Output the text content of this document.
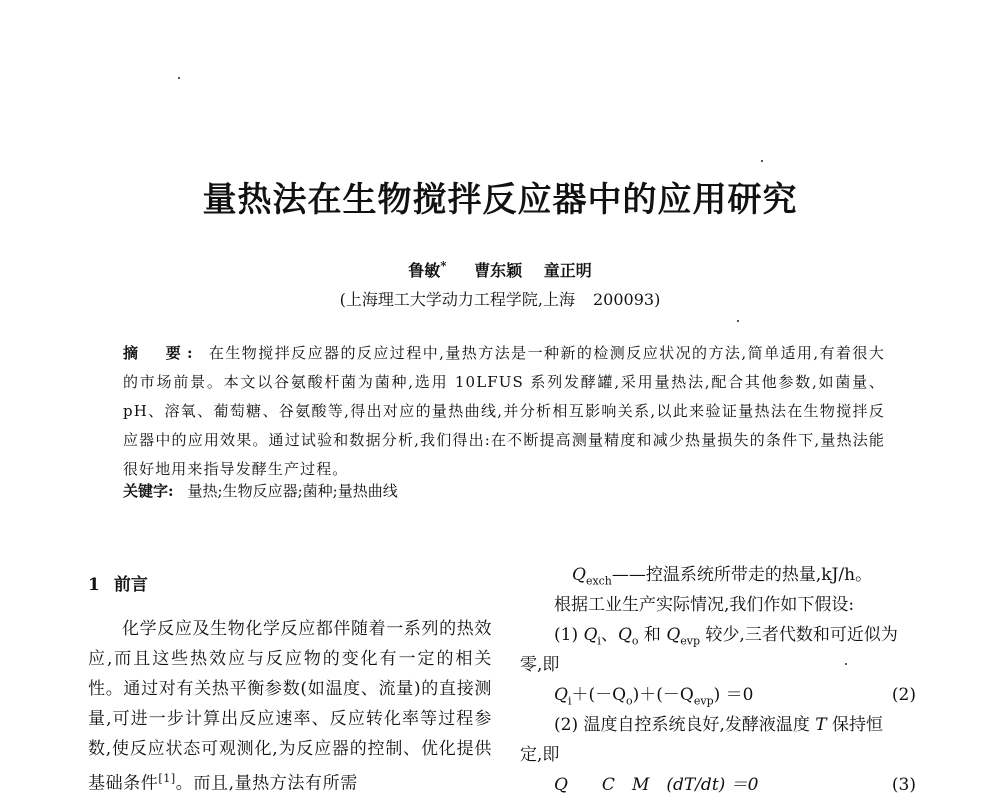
量热法在生物搅拌反应器中的应用研究
鲁敏* 曹东颖 童正明
(上海理工大学动力工程学院,上海 200093)
摘　要: 在生物搅拌反应器的反应过程中,量热方法是一种新的检测反应状况的方法,简单适用,有着很大的市场前景。本文以谷氨酸杆菌为菌种,选用 10LFUS 系列发酵罐,采用量热法,配合其他参数,如菌量、pH、溶氧、葡萄糖、谷氨酸等,得出对应的量热曲线,并分析相互影响关系,以此来验证量热法在生物搅拌反应器中的应用效果。通过试验和数据分析,我们得出:在不断提高测量精度和减少热量损失的条件下,量热法能很好地用来指导发酵生产过程。
关键字: 量热;生物反应器;菌种;量热曲线
1 前言
化学反应及生物化学反应都伴随着一系列的热效应,而且这些热效应与反应物的变化有一定的相关性。通过对有关热平衡参数(如温度、流量)的直接测量,可进一步计算出反应速率、反应转化率等过程参数,使反应状态可观测化,为反应器的控制、优化提供基础条件[1]。而且,量热方法有所需
$Q_{exch}——$控温系统所带走的热量,kJ/h。
根据工业生产实际情况,我们作如下假设:
(1) $Q_i$、$Q_o$ 和 $Q_{evp}$ 较少,三者代数和可近似为
零,即
$Q_i+(-Q_o)+(-Q_{evp}) =0$	(2)
(2) 温度自控系统良好,发酵液温度 T 保持恒
定,即
Q　　C　M　(dT/dt) ＝0	(3)
